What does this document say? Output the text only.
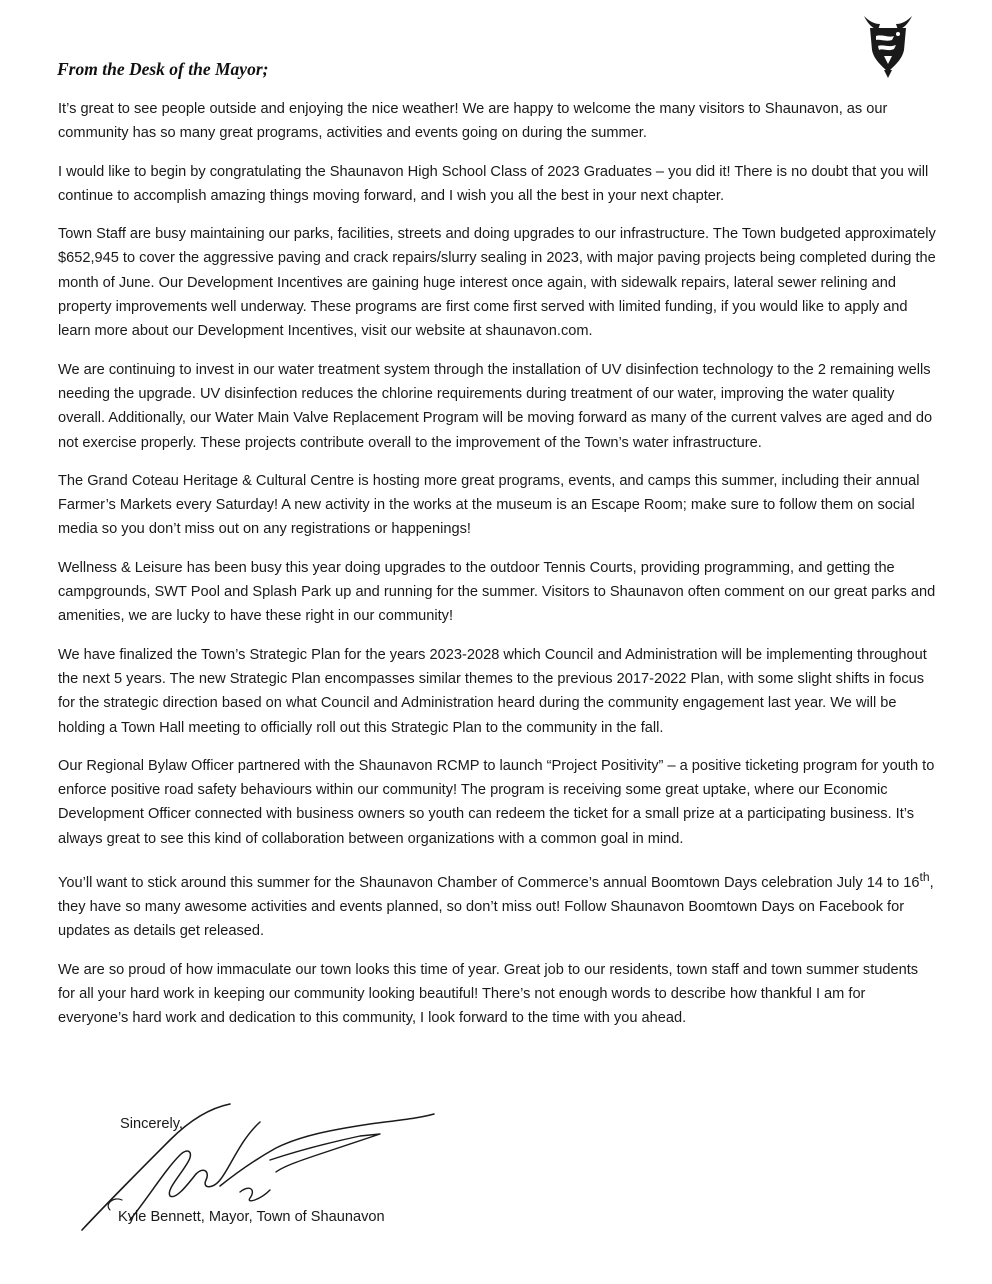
From the Desk of the Mayor;

It’s great to see people outside and enjoying the nice weather! We are happy to welcome the many visitors to Shaunavon, as our community has so many great programs, activities and events going on during the summer.

I would like to begin by congratulating the Shaunavon High School Class of 2023 Graduates – you did it! There is no doubt that you will continue to accomplish amazing things moving forward, and I wish you all the best in your next chapter.

Town Staff are busy maintaining our parks, facilities, streets and doing upgrades to our infrastructure. The Town budgeted approximately $652,945 to cover the aggressive paving and crack repairs/slurry sealing in 2023, with major paving projects being completed during the month of June. Our Development Incentives are gaining huge interest once again, with sidewalk repairs, lateral sewer relining and property improvements well underway. These programs are first come first served with limited funding, if you would like to apply and learn more about our Development Incentives, visit our website at shaunavon.com.

We are continuing to invest in our water treatment system through the installation of UV disinfection technology to the 2 remaining wells needing the upgrade. UV disinfection reduces the chlorine requirements during treatment of our water, improving the water quality overall. Additionally, our Water Main Valve Replacement Program will be moving forward as many of the current valves are aged and do not exercise properly. These projects contribute overall to the improvement of the Town’s water infrastructure.

The Grand Coteau Heritage & Cultural Centre is hosting more great programs, events, and camps this summer, including their annual Farmer’s Markets every Saturday! A new activity in the works at the museum is an Escape Room; make sure to follow them on social media so you don’t miss out on any registrations or happenings!

Wellness & Leisure has been busy this year doing upgrades to the outdoor Tennis Courts, providing programming, and getting the campgrounds, SWT Pool and Splash Park up and running for the summer. Visitors to Shaunavon often comment on our great parks and amenities, we are lucky to have these right in our community!

We have finalized the Town’s Strategic Plan for the years 2023-2028 which Council and Administration will be implementing throughout the next 5 years. The new Strategic Plan encompasses similar themes to the previous 2017-2022 Plan, with some slight shifts in focus for the strategic direction based on what Council and Administration heard during the community engagement last year. We will be holding a Town Hall meeting to officially roll out this Strategic Plan to the community in the fall.

Our Regional Bylaw Officer partnered with the Shaunavon RCMP to launch “Project Positivity” – a positive ticketing program for youth to enforce positive road safety behaviours within our community! The program is receiving some great uptake, where our Economic Development Officer connected with business owners so youth can redeem the ticket for a small prize at a participating business. It’s always great to see this kind of collaboration between organizations with a common goal in mind.

You’ll want to stick around this summer for the Shaunavon Chamber of Commerce’s annual Boomtown Days celebration July 14 to 16th, they have so many awesome activities and events planned, so don’t miss out! Follow Shaunavon Boomtown Days on Facebook for updates as details get released.

We are so proud of how immaculate our town looks this time of year. Great job to our residents, town staff and town summer students for all your hard work in keeping our community looking beautiful! There’s not enough words to describe how thankful I am for everyone’s hard work and dedication to this community, I look forward to the time with you ahead.

Sincerely,

Kyle Bennett, Mayor, Town of Shaunavon
